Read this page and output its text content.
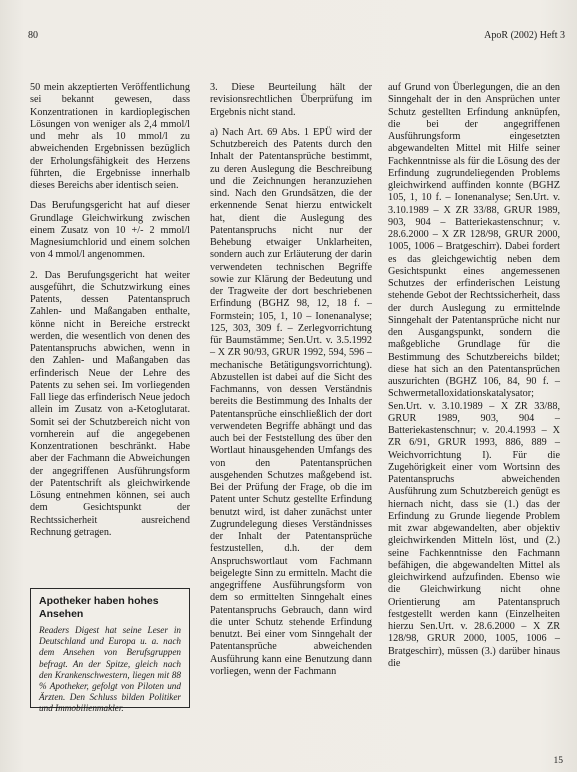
80	ApoR (2002) Heft 3

50 mein akzeptierten Veröffentlichung sei bekannt gewesen, dass Konzentrationen in kardioplegischen Lösungen von weniger als 2,4 mmol/l und mehr als 10 mmol/l zu abweichenden Ergebnissen bezüglich der Erholungsfähigkeit des Herzens führten, die Ergebnisse innerhalb dieses Bereichs aber identisch seien.

Das Berufungsgericht hat auf dieser Grundlage Gleichwirkung zwischen einem Zusatz von 10 +/- 2 mmol/l Magnesiumchlorid und einem solchen von 4 mmol/l angenommen.

2. Das Berufungsgericht hat weiter ausgeführt, die Schutzwirkung eines Patents, dessen Patentanspruch Zahlen- und Maßangaben enthalte, könne nicht in Bereiche erstreckt werden, die wesentlich von denen des Patentanspruchs abwichen, wenn in den Zahlen- und Maßangaben das erfinderisch Neue der Lehre des Patents zu sehen sei. Im vorliegenden Fall liege das erfinderisch Neue jedoch allein im Zusatz von a-Ketoglutarat. Somit sei der Schutzbereich nicht von vornherein auf die angegebenen Konzentrationen beschränkt. Habe aber der Fachmann die Abweichungen der angegriffenen Ausführungsform der Patentschrift als gleichwirkende Lösung entnehmen können, sei auch dem Gesichtspunkt der Rechtssicherheit ausreichend Rechnung getragen.

3. Diese Beurteilung hält der revisionsrechtlichen Überprüfung im Ergebnis nicht stand.

a) Nach Art. 69 Abs. 1 EPÜ wird der Schutzbereich des Patents durch den Inhalt der Patentansprüche bestimmt, zu deren Auslegung die Beschreibung und die Zeichnungen heranzuziehen sind. Nach den Grundsätzen, die der erkennende Senat hierzu entwickelt hat, dient die Auslegung des Patentanspruchs nicht nur der Behebung etwaiger Unklarheiten, sondern auch zur Erläuterung der darin verwendeten technischen Begriffe sowie zur Klärung der Bedeutung und der Tragweite der dort beschriebenen Erfindung (BGHZ 98, 12, 18 f. – Formstein; 105, 1, 10 – Ionenanalyse; 125, 303, 309 f. – Zerlegvorrichtung für Baumstämme; Sen.Urt. v. 3.5.1992 – X ZR 90/93, GRUR 1992, 594, 596 – mechanische Betätigungsvorrichtung). Abzustellen ist dabei auf die Sicht des Fachmanns, von dessen Verständnis bereits die Bestimmung des Inhalts der Patentansprüche einschließlich der dort verwendeten Begriffe abhängt und das auch bei der Feststellung des über den Wortlaut hinausgehenden Umfangs des von den Patentansprüchen ausgehenden Schutzes maßgebend ist. Bei der Prüfung der Frage, ob die im Patent unter Schutz gestellte Erfindung benutzt wird, ist daher zunächst unter Zugrundelegung dieses Verständnisses der Inhalt der Patentansprüche festzustellen, d.h. der dem Anspruchswortlaut vom Fachmann beigelegte Sinn zu ermitteln. Macht die angegriffene Ausführungsform von dem so ermittelten Sinngehalt eines Patentanspruchs Gebrauch, dann wird die unter Schutz stehende Erfindung benutzt. Bei einer vom Sinngehalt der Patentansprüche abweichenden Ausführung kann eine Benutzung dann vorliegen, wenn der Fachmann

auf Grund von Überlegungen, die an den Sinngehalt der in den Ansprüchen unter Schutz gestellten Erfindung anknüpfen, die bei der angegriffenen Ausführungsform eingesetzten abgewandelten Mittel mit Hilfe seiner Fachkenntnisse als für die Lösung des der Erfindung zugrundeliegenden Problems gleichwirkend auffinden konnte (BGHZ 105, 1, 10 f. – Ionenanalyse; Sen.Urt. v. 3.10.1989 – X ZR 33/88, GRUR 1989, 903, 904 – Batteriekastenschnur; v. 28.6.2000 – X ZR 128/98, GRUR 2000, 1005, 1006 – Bratgeschirr). Dabei fordert es das gleichgewichtig neben dem Gesichtspunkt eines angemessenen Schutzes der erfinderischen Leistung stehende Gebot der Rechtssicherheit, dass der durch Auslegung zu ermittelnde Sinngehalt der Patentansprüche nicht nur den Ausgangspunkt, sondern die maßgebliche Grundlage für die Bestimmung des Schutzbereichs bildet; diese hat sich an den Patentansprüchen auszurichten (BGHZ 106, 84, 90 f. – Schwermetalloxidationskatalysator; Sen.Urt. v. 3.10.1989 – X ZR 33/88, GRUR 1989, 903, 904 – Batteriekastenschnur; v. 20.4.1993 – X ZR 6/91, GRUR 1993, 886, 889 – Weichvorrichtung I). Für die Zugehörigkeit einer vom Wortsinn des Patentanspruchs abweichenden Ausführung zum Schutzbereich genügt es hiernach nicht, dass sie (1.) das der Erfindung zu Grunde liegende Problem mit zwar abgewandelten, aber objektiv gleichwirkenden Mitteln löst, und (2.) seine Fachkenntnisse den Fachmann befähigen, die abgewandelten Mittel als gleichwirkend aufzufinden. Ebenso wie die Gleichwirkung nicht ohne Orientierung am Patentanspruch festgestellt werden kann (Einzelheiten hierzu Sen.Urt. v. 28.6.2000 – X ZR 128/98, GRUR 2000, 1005, 1006 – Bratgeschirr), müssen (3.) darüber hinaus die

Apotheker haben hohes Ansehen
Readers Digest hat seine Leser in Deutschland und Europa u. a. nach dem Ansehen von Berufsgruppen befragt. An der Spitze, gleich nach den Krankenschwestern, liegen mit 88 % Apotheker, gefolgt von Piloten und Ärzten. Den Schluss bilden Politiker und Immobilienmakler.
15
